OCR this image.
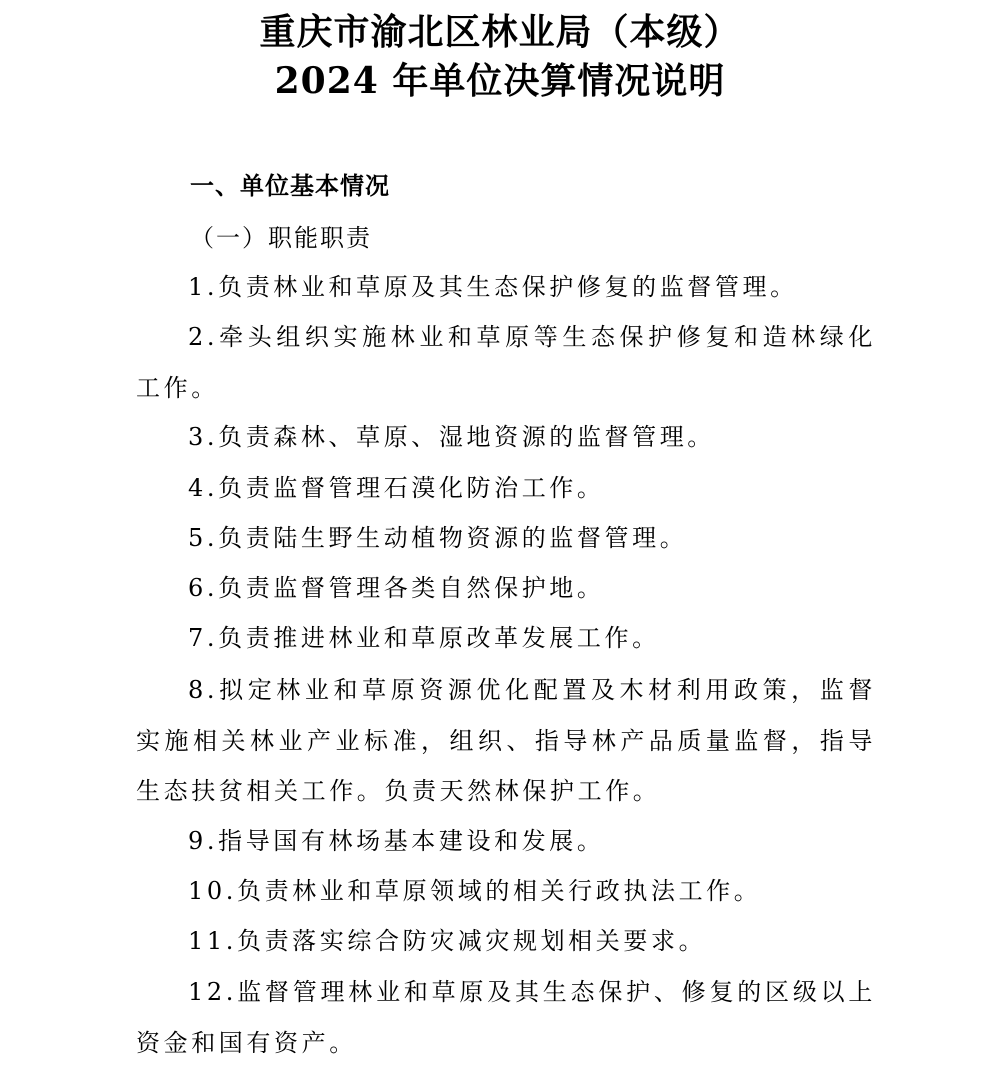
重庆市渝北区林业局（本级）
2024 年单位决算情况说明
一、单位基本情况
（一）职能职责

1.负责林业和草原及其生态保护修复的监督管理。

2.牵头组织实施林业和草原等生态保护修复和造林绿化工作。

3.负责森林、草原、湿地资源的监督管理。

4.负责监督管理石漠化防治工作。

5.负责陆生野生动植物资源的监督管理。

6.负责监督管理各类自然保护地。

7.负责推进林业和草原改革发展工作。

8.拟定林业和草原资源优化配置及木材利用政策，监督实施相关林业产业标准，组织、指导林产品质量监督，指导生态扶贫相关工作。负责天然林保护工作。

9.指导国有林场基本建设和发展。

10.负责林业和草原领域的相关行政执法工作。

11.负责落实综合防灾减灾规划相关要求。

12.监督管理林业和草原及其生态保护、修复的区级以上资金和国有资产。
